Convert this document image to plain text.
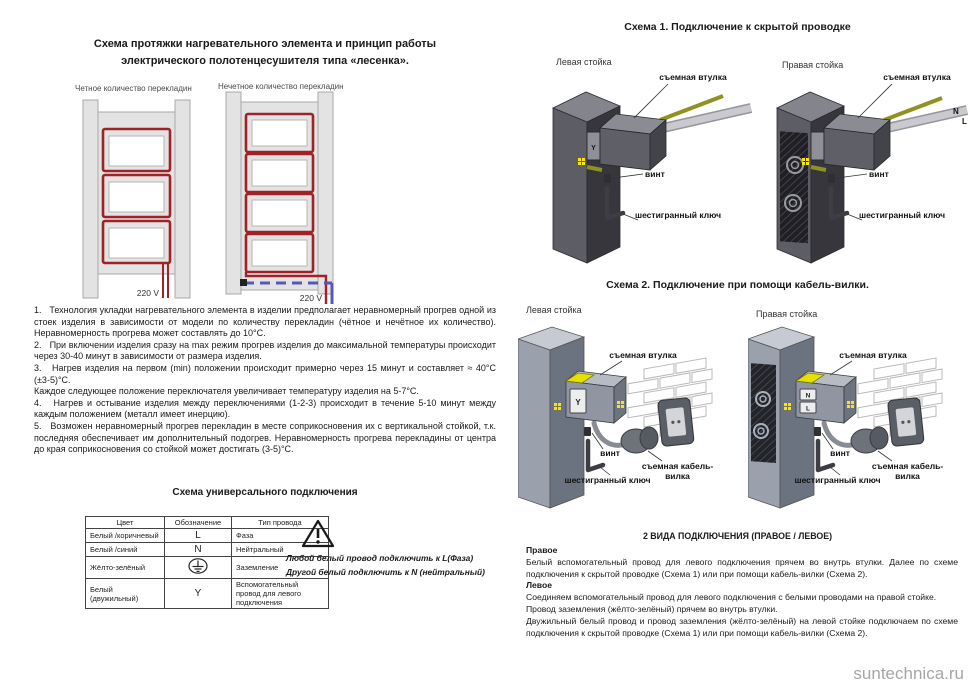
Схема протяжки нагревательного элемента и принцип работы электрического полотенцесушителя типа «лесенка».
Четное количество перекладин	Нечетное количество перекладин
220 V	220 V

1.   Технология укладки нагревательного элемента в изделии предполагает неравномерный прогрев одной из стоек изделия в зависимости от модели по количеству перекладин (чётное и нечётное их количество). Неравномерность прогрева может составлять до 10°С.

2.   При включении изделия сразу на max режим прогрев изделия до максимальной температуры происходит через 30-40 минут в зависимости от размера изделия.

3.   Нагрев изделия на первом (min) положении происходит примерно через 15 минут и составляет ≈ 40°С (±3-5)°С.

Каждое следующее положение переключателя увеличивает температуру изделия на 5-7°С.

4.   Нагрев и остывание изделия между переключениями (1-2-3) происходит в течение 5-10 минут между каждым положением (металл имеет инерцию).

5.   Возможен неравномерный прогрев перекладин в месте соприкосновения их с вертикальной стойкой, т.к. последняя обеспечивает им дополнительный подогрев. Неравномерность прогрева перекладины от центра до края соприкосновения со стойкой может достигать (3-5)°С.

Схема универсального подключения
Цвет	Обозначение	Тип провода
Белый /коричневый	L	Фаза
Белый /синий	N	Нейтральный
Жёлто-зелёный		Заземление
Белый (двужильный)	Y	Вспомогательный провод для левого подключения
Любой белый провод подключить к L(Фаза)
Другой белый подключить к N (нейтральный)
Схема 1. Подключение к скрытой проводке
Левая стойка	Правая стойка
Y
съемная втулка
винт
шестигранный ключ
N
L
съемная втулка
винт
шестигранный ключ
Схема 2. Подключение при помощи кабель-вилки.
Левая стойка	Правая стойка
Y
съемная втулка
винт
шестигранный ключ
съемная кабель-вилка
N
L
съемная втулка
винт
шестигранный ключ
съемная кабель-вилка
2 ВИДА ПОДКЛЮЧЕНИЯ (ПРАВОЕ / ЛЕВОЕ)

Правое

Белый вспомогательный провод для левого подключения прячем во внутрь втулки. Далее по схеме подключения к скрытой проводке (Схема 1) или при помощи кабель-вилки (Схема 2).

Левое

Соединяем вспомогательный провод для левого подключения с белыми проводами на правой стойке.

Провод заземления (жёлто-зелёный) прячем во внутрь втулки.

Двужильный белый провод и провод заземления (жёлто-зелёный) на левой стойке подключаем по схеме подключения к скрытой проводке (Схема 1) или при помощи кабель-вилки (Схема 2).

suntechnica.ru
